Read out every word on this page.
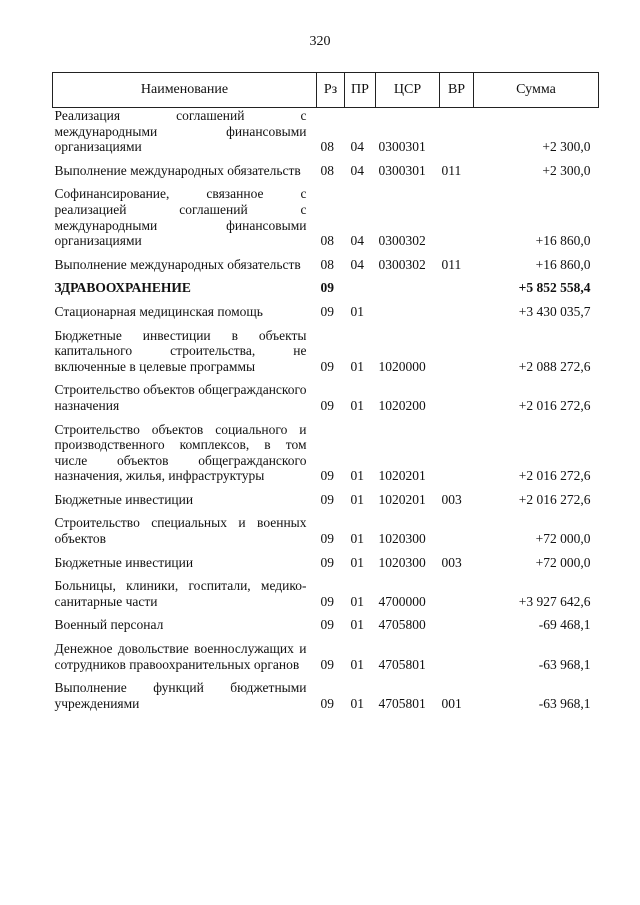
320
Наименование	Рз	ПР	ЦСР	ВР	Сумма
Реализация соглашений с международными финансовыми организациями	08	04	0300301		+2 300,0
Выполнение международных обязательств	08	04	0300301	011	+2 300,0
Софинансирование, связанное с реализацией соглашений с международными финансовыми организациями	08	04	0300302		+16 860,0
Выполнение международных обязательств	08	04	0300302	011	+16 860,0
ЗДРАВООХРАНЕНИЕ	09				+5 852 558,4
Стационарная медицинская помощь	09	01			+3 430 035,7
Бюджетные инвестиции в объекты капитального строительства, не включенные в целевые программы	09	01	1020000		+2 088 272,6
Строительство объектов общегражданского назначения	09	01	1020200		+2 016 272,6
Строительство объектов социального и производственного комплексов, в том числе объектов общегражданского назначения, жилья, инфраструктуры	09	01	1020201		+2 016 272,6
Бюджетные инвестиции	09	01	1020201	003	+2 016 272,6
Строительство специальных и военных объектов	09	01	1020300		+72 000,0
Бюджетные инвестиции	09	01	1020300	003	+72 000,0
Больницы, клиники, госпитали, медико-санитарные части	09	01	4700000		+3 927 642,6
Военный персонал	09	01	4705800		-69 468,1
Денежное довольствие военнослужащих и сотрудников правоохранительных органов	09	01	4705801		-63 968,1
Выполнение функций бюджетными учреждениями	09	01	4705801	001	-63 968,1
